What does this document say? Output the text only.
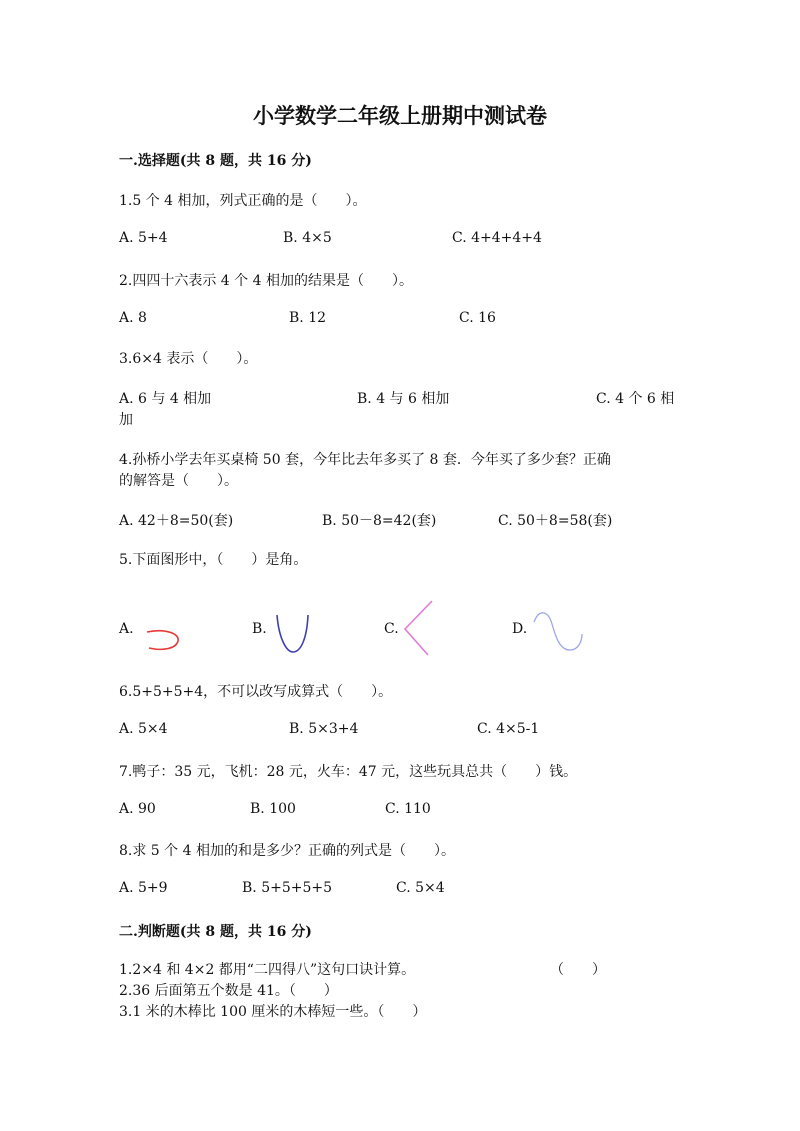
小学数学二年级上册期中测试卷
一.选择题(共 8 题，共 16 分)
1.5 个 4 相加，列式正确的是（　　）。
A. 5+4	B. 4×5	C. 4+4+4+4
2.四四十六表示 4 个 4 相加的结果是（　　）。
A. 8	B. 12	C. 16
3.6×4 表示（　　）。
A. 6 与 4 相加	B. 4 与 6 相加	C. 4 个 6 相
加
4.孙桥小学去年买桌椅 50 套，今年比去年多买了 8 套．今年买了多少套？正确
的解答是（　　）。
A. 42＋8=50(套)	B. 50－8=42(套)	C. 50＋8=58(套)
5.下面图形中，（　　）是角。
A.	B.	C.	D.
6.5+5+5+4，不可以改写成算式（　　）。
A. 5×4	B. 5×3+4	C. 4×5-1
7.鸭子：35 元，飞机：28 元，火车：47 元，这些玩具总共（　　）钱。
A. 90	B. 100	C. 110
8.求 5 个 4 相加的和是多少？正确的列式是（　　）。
A. 5+9	B. 5+5+5+5	C. 5×4
二.判断题(共 8 题，共 16 分)
1.2×4 和 4×2 都用“二四得八”这句口诀计算。	（　　）
2.36 后面第五个数是 41。（　　）
3.1 米的木棒比 100 厘米的木棒短一些。（　　）
